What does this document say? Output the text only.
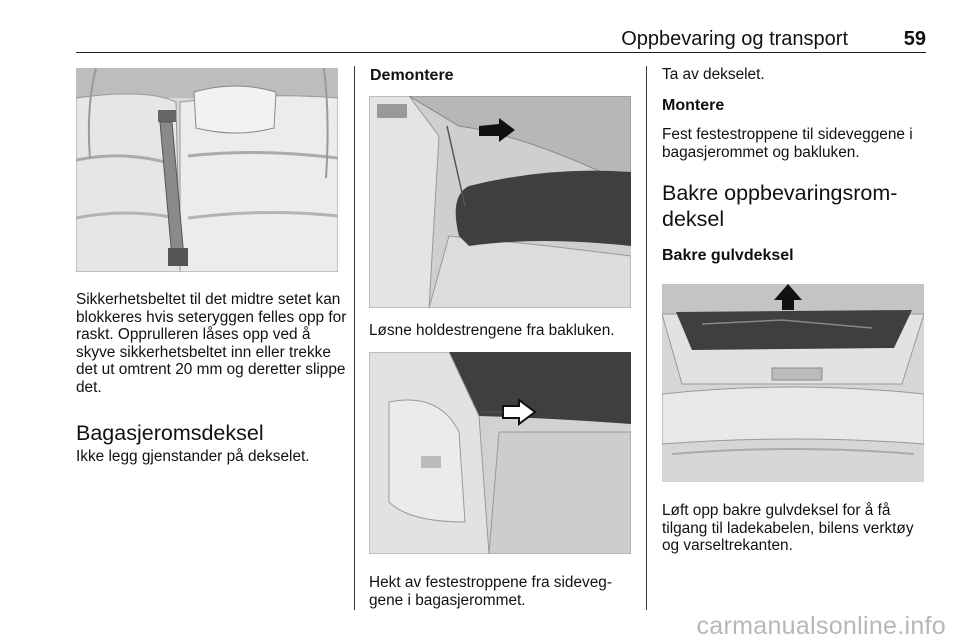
Oppbevaring og transport	59
Sikkerhetsbeltet til det midtre setet kan blokkeres hvis seteryggen felles opp for raskt. Opprulleren låses opp ved å skyve sikkerhetsbeltet inn eller trekke det ut omtrent 20 mm og deretter slippe det.
Bagasjeromsdeksel
Ikke legg gjenstander på dekselet.
Demontere
Løsne holdestrengene fra bakluken.
Hekt av festestroppene fra sideveggene i bagasjerommet.
Ta av dekselet.
Montere
Fest festestroppene til sideveggene i bagasjerommet og bakluken.
Bakre oppbevaringsrom-deksel
Bakre gulvdeksel
Løft opp bakre gulvdeksel for å få tilgang til ladekabelen, bilens verktøy og varseltrekanten.
carmanualsonline.info
